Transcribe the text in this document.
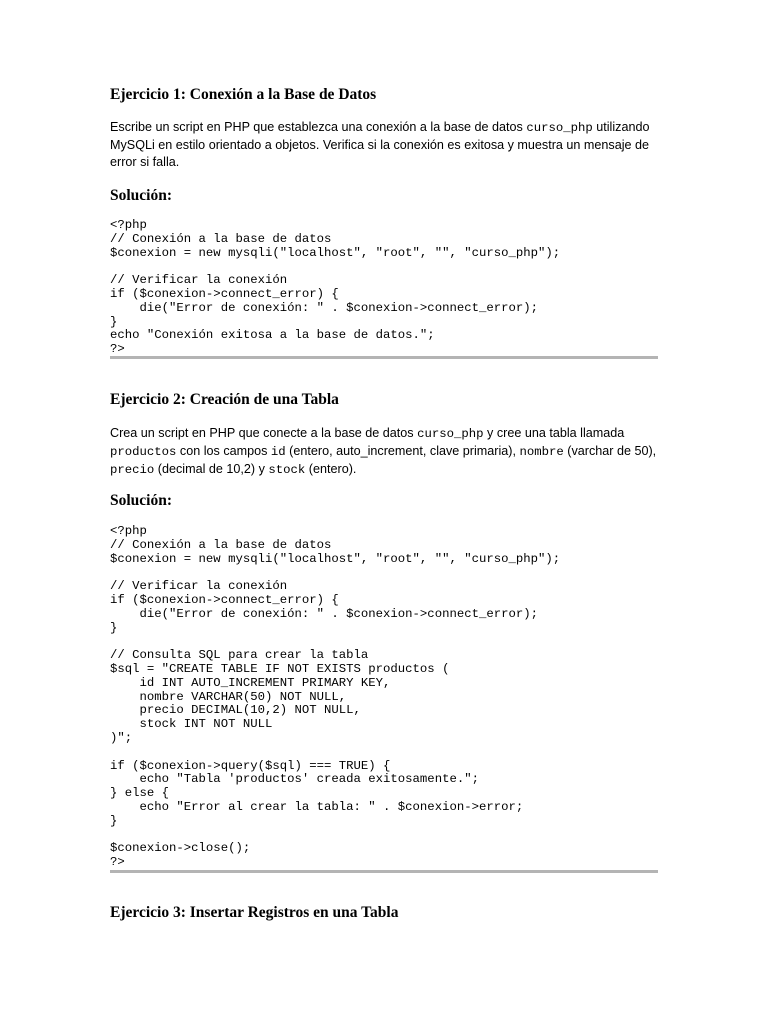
Ejercicio 1: Conexión a la Base de Datos

Escribe un script en PHP que establezca una conexión a la base de datos curso_php utilizando MySQLi en estilo orientado a objetos. Verifica si la conexión es exitosa y muestra un mensaje de error si falla.

Solución:
<?php
// Conexión a la base de datos
$conexion = new mysqli("localhost", "root", "", "curso_php");

// Verificar la conexión
if ($conexion->connect_error) {
die("Error de conexión: " . $conexion->connect_error);
}
echo "Conexión exitosa a la base de datos.";
?>
Ejercicio 2: Creación de una Tabla

Crea un script en PHP que conecte a la base de datos curso_php y cree una tabla llamada productos con los campos id (entero, auto_increment, clave primaria), nombre (varchar de 50), precio (decimal de 10,2) y stock (entero).

Solución:
<?php
// Conexión a la base de datos
$conexion = new mysqli("localhost", "root", "", "curso_php");

// Verificar la conexión
if ($conexion->connect_error) {
die("Error de conexión: " . $conexion->connect_error);
}

// Consulta SQL para crear la tabla
$sql = "CREATE TABLE IF NOT EXISTS productos (
id INT AUTO_INCREMENT PRIMARY KEY,
nombre VARCHAR(50) NOT NULL,
precio DECIMAL(10,2) NOT NULL,
stock INT NOT NULL
)";

if ($conexion->query($sql) === TRUE) {
echo "Tabla 'productos' creada exitosamente.";
} else {
echo "Error al crear la tabla: " . $conexion->error;
}

$conexion->close();
?>
Ejercicio 3: Insertar Registros en una Tabla
